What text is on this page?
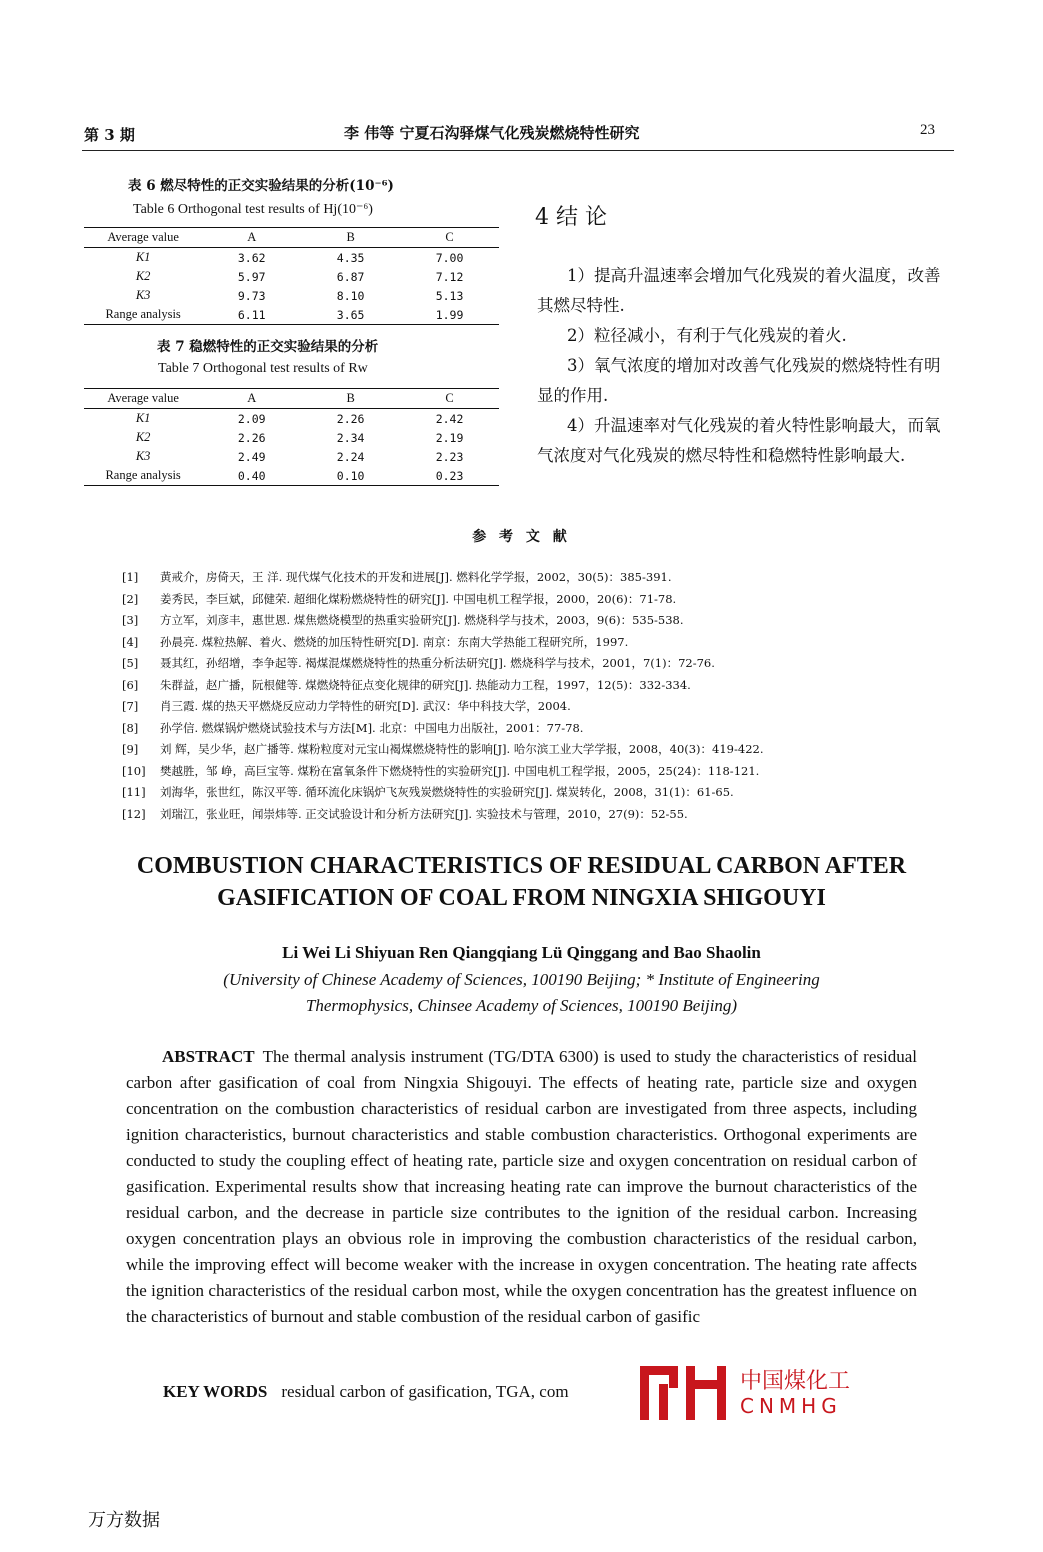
第 3 期	李 伟等 宁夏石沟驿煤气化残炭燃烧特性研究	23
表 6 燃尽特性的正交实验结果的分析(10⁻⁶)
Table 6 Orthogonal test results of Hj(10⁻⁶)
Average value	A	B	C
K1	3.62	4.35	7.00
K2	5.97	6.87	7.12
K3	9.73	8.10	5.13
Range analysis	6.11	3.65	1.99
表 7 稳燃特性的正交实验结果的分析
Table 7 Orthogonal test results of Rw
Average value	A	B	C
K1	2.09	2.26	2.42
K2	2.26	2.34	2.19
K3	2.49	2.24	2.23
Range analysis	0.40	0.10	0.23
4 结 论

1）提高升温速率会增加气化残炭的着火温度，改善其燃尽特性.

2）粒径减小，有利于气化残炭的着火.

3）氧气浓度的增加对改善气化残炭的燃烧特性有明显的作用.

4）升温速率对气化残炭的着火特性影响最大，而氧气浓度对气化残炭的燃尽特性和稳燃特性影响最大.

参 考 文 献
[1] 黄戒介，房倚天，王 洋. 现代煤气化技术的开发和进展[J]. 燃料化学学报，2002，30(5)：385-391.
[2] 姜秀民，李巨斌，邱健荣. 超细化煤粉燃烧特性的研究[J]. 中国电机工程学报，2000，20(6)：71-78.
[3] 方立军，刘彦丰，惠世恩. 煤焦燃烧模型的热重实验研究[J]. 燃烧科学与技术，2003，9(6)：535-538.
[4] 孙晨亮. 煤粒热解、着火、燃烧的加压特性研究[D]. 南京：东南大学热能工程研究所，1997.
[5] 聂其红，孙绍增，李争起等. 褐煤混煤燃烧特性的热重分析法研究[J]. 燃烧科学与技术，2001，7(1)：72-76.
[6] 朱群益，赵广播，阮根健等. 煤燃烧特征点变化规律的研究[J]. 热能动力工程，1997，12(5)：332-334.
[7] 肖三霞. 煤的热天平燃烧反应动力学特性的研究[D]. 武汉：华中科技大学，2004.
[8] 孙学信. 燃煤锅炉燃烧试验技术与方法[M]. 北京：中国电力出版社，2001：77-78.
[9] 刘 辉，吴少华，赵广播等. 煤粉粒度对元宝山褐煤燃烧特性的影响[J]. 哈尔滨工业大学学报，2008，40(3)：419-422.
[10] 樊越胜，邹 峥，高巨宝等. 煤粉在富氧条件下燃烧特性的实验研究[J]. 中国电机工程学报，2005，25(24)：118-121.
[11] 刘海华，张世红，陈汉平等. 循环流化床锅炉飞灰残炭燃烧特性的实验研究[J]. 煤炭转化，2008，31(1)：61-65.
[12] 刘瑞江，张业旺，闻崇炜等. 正交试验设计和分析方法研究[J]. 实验技术与管理，2010，27(9)：52-55.
COMBUSTION CHARACTERISTICS OF RESIDUAL CARBON AFTER
GASIFICATION OF COAL FROM NINGXIA SHIGOUYI
Li Wei Li Shiyuan Ren Qiangqiang Lü Qinggang and Bao Shaolin
(University of Chinese Academy of Sciences, 100190 Beijing; * Institute of Engineering
Thermophysics, Chinsee Academy of Sciences, 100190 Beijing)
ABSTRACT The thermal analysis instrument (TG/DTA 6300) is used to study the characteristics of residual carbon after gasification of coal from Ningxia Shigouyi. The effects of heating rate, particle size and oxygen concentration on the combustion characteristics of residual carbon are investigated from three aspects, including ignition characteristics, burnout characteristics and stable combustion characteristics. Orthogonal experiments are conducted to study the coupling effect of heating rate, particle size and oxygen concentration on residual carbon of gasification. Experimental results show that increasing heating rate can improve the burnout characteristics of the residual carbon, and the decrease in particle size contributes to the ignition of the residual carbon. Increasing oxygen concentration plays an obvious role in improving the combustion characteristics of the residual carbon, while the improving effect will become weaker with the increase in oxygen concentration. The heating rate affects the ignition characteristics of the residual carbon most, while the oxygen concentration has the greatest influence on the characteristics of burnout and stable combustion of the residual carbon of gasific
KEY WORDS residual carbon of gasification, TGA, com	中国煤化工
CNMHG
万方数据
